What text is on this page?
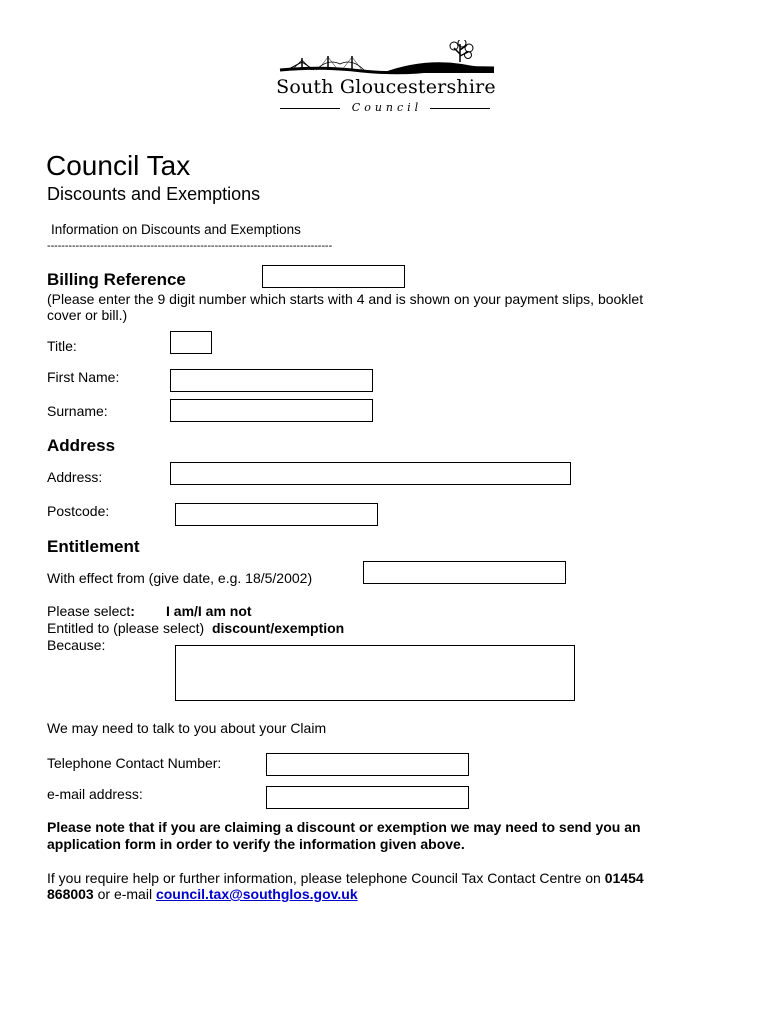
South Gloucestershire
Council
Council Tax
Discounts and Exemptions
Information on Discounts and Exemptions
--------------------------------------------------------------------------------
Billing Reference
(Please enter the 9 digit number which starts with 4 and is shown on your payment slips, booklet
cover or bill.)
Title:
First Name:
Surname:
Address
Address:
Postcode:
Entitlement
With effect from (give date, e.g. 18/5/2002)
Please select: I am/I am not
Entitled to (please select) discount/exemption
Because:
We may need to talk to you about your Claim
Telephone Contact Number:
e-mail address:
Please note that if you are claiming a discount or exemption we may need to send you an
application form in order to verify the information given above.
If you require help or further information, please telephone Council Tax Contact Centre on 01454
868003 or e-mail council.tax@southglos.gov.uk
